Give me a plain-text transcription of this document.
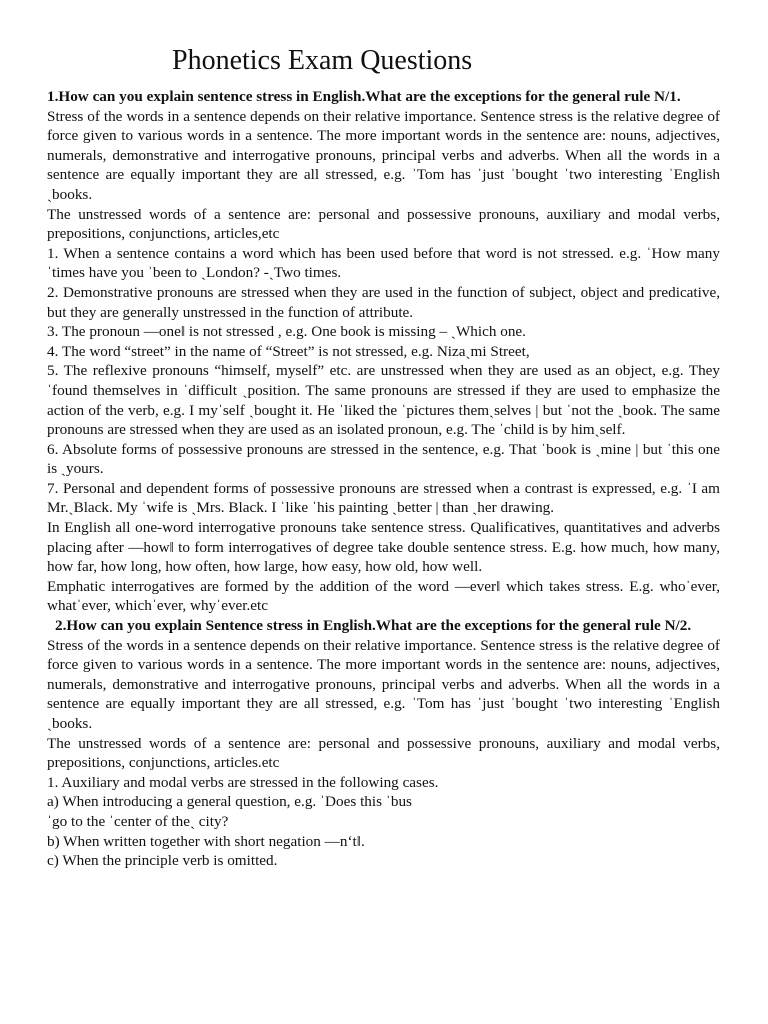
Phonetics Exam Questions
1.How can you explain sentence stress in English.What are the exceptions for the general rule N/1.

Stress of the words in a sentence depends on their relative importance. Sentence stress is the relative degree of force given to various words in a sentence. The more important words in the sentence are: nouns, adjectives, numerals, demonstrative and interrogative pronouns, principal verbs and adverbs. When all the words in a sentence are equally important they are all stressed, e.g. ˈTom has ˈjust ˈbought ˈtwo interesting ˈEnglish ˏbooks.

The unstressed words of a sentence are: personal and possessive pronouns, auxiliary and modal verbs, prepositions, conjunctions, articles,etc

1. When a sentence contains a word which has been used before that word is not stressed. e.g. ˈHow many ˈtimes have you ˈbeen to ˏLondon? -ˏTwo times.

2. Demonstrative pronouns are stressed when they are used in the function of subject, object and predicative, but they are generally unstressed in the function of attribute.

3. The pronoun ―one‖ is not stressed , e.g. One book is missing – ˏWhich one.

4. The word “street” in the name of “Street” is not stressed, e.g. Nizaˏmi Street,

5. The reflexive pronouns “himself, myself” etc. are unstressed when they are used as an object, e.g. They ˈfound themselves in ˈdifficult ˏposition. The same pronouns are stressed if they are used to emphasize the action of the verb, e.g. I myˈself ˏbought it. He ˈliked the ˈpictures themˏselves | but ˈnot the ˏbook. The same pronouns are stressed when they are used as an isolated pronoun, e.g. The ˈchild is by himˏself.

6. Absolute forms of possessive pronouns are stressed in the sentence, e.g. That ˈbook is ˏmine | but ˈthis one is ˏyours.

7. Personal and dependent forms of possessive pronouns are stressed when a contrast is expressed, e.g. ˈI am Mr.ˏBlack. My ˈwife is ˏMrs. Black. I ˈlike ˈhis painting ˏbetter | than ˏher drawing.

In English all one-word interrogative pronouns take sentence stress. Qualificatives, quantitatives and adverbs placing after ―how‖ to form interrogatives of degree take double sentence stress. E.g. how much, how many, how far, how long, how often, how large, how easy, how old, how well.

Emphatic interrogatives are formed by the addition of the word ―ever‖ which takes stress. E.g. whoˈever, whatˈever, whichˈever, whyˈever.etc

2.How can you explain Sentence stress in English.What are the exceptions for the general rule N/2.

Stress of the words in a sentence depends on their relative importance. Sentence stress is the relative degree of force given to various words in a sentence. The more important words in the sentence are: nouns, adjectives, numerals, demonstrative and interrogative pronouns, principal verbs and adverbs. When all the words in a sentence are equally important they are all stressed, e.g. ˈTom has ˈjust ˈbought ˈtwo interesting ˈEnglish ˏbooks.

The unstressed words of a sentence are: personal and possessive pronouns, auxiliary and modal verbs, prepositions, conjunctions, articles.etc

1. Auxiliary and modal verbs are stressed in the following cases.

a) When introducing a general question, e.g. ˈDoes this ˈbus

ˈgo to the ˈcenter of theˏ city?

b) When written together with short negation ―n‘t‖.

c) When the principle verb is omitted.
